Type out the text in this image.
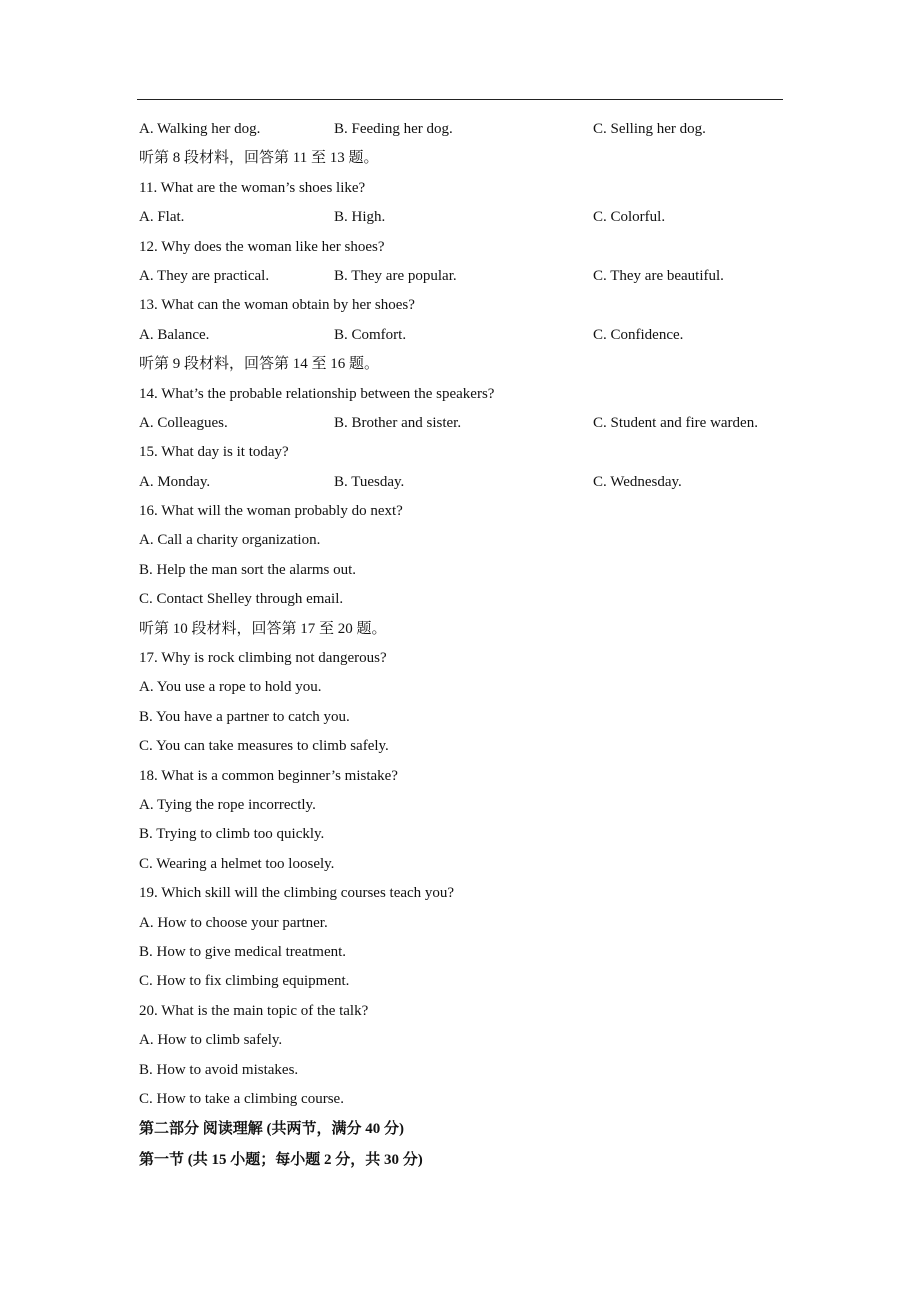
A. Walking her dog.	B. Feeding her dog.	C. Selling her dog.
听第 8 段材料，回答第 11 至 13 题。
11. What are the woman’s shoes like?
A. Flat.	B. High.	C. Colorful.
12. Why does the woman like her shoes?
A. They are practical.	B. They are popular.	C. They are beautiful.
13. What can the woman obtain by her shoes?
A. Balance.	B. Comfort.	C. Confidence.
听第 9 段材料，回答第 14 至 16 题。
14. What’s the probable relationship between the speakers?
A. Colleagues.	B. Brother and sister.	C. Student and fire warden.
15. What day is it today?
A. Monday.	B. Tuesday.	C. Wednesday.
16. What will the woman probably do next?
A. Call a charity organization.
B. Help the man sort the alarms out.
C. Contact Shelley through email.
听第 10 段材料，回答第 17 至 20 题。
17. Why is rock climbing not dangerous?
A. You use a rope to hold you.
B. You have a partner to catch you.
C. You can take measures to climb safely.
18. What is a common beginner’s mistake?
A. Tying the rope incorrectly.
B. Trying to climb too quickly.
C. Wearing a helmet too loosely.
19. Which skill will the climbing courses teach you?
A. How to choose your partner.
B. How to give medical treatment.
C. How to fix climbing equipment.
20. What is the main topic of the talk?
A. How to climb safely.
B. How to avoid mistakes.
C. How to take a climbing course.
第二部分 阅读理解 (共两节，满分 40 分)
第一节 (共 15 小题；每小题 2 分，共 30 分)
